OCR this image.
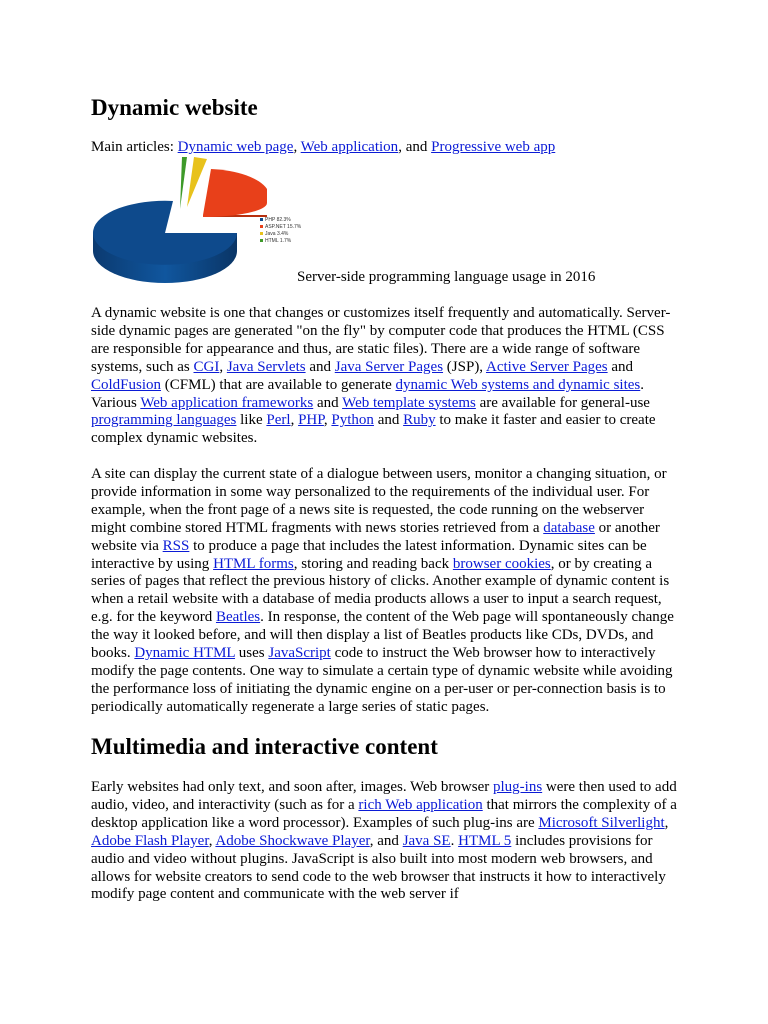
Dynamic website

Main articles: Dynamic web page, Web application, and Progressive web app

PHP 82.3%
ASP.NET 15.7%
Java 3.4%
HTML 1.7%
Server-side programming language usage in 2016

A dynamic website is one that changes or customizes itself frequently and automatically. Server-side dynamic pages are generated "on the fly" by computer code that produces the HTML (CSS are responsible for appearance and thus, are static files). There are a wide range of software systems, such as CGI, Java Servlets and Java Server Pages (JSP), Active Server Pages and ColdFusion (CFML) that are available to generate dynamic Web systems and dynamic sites. Various Web application frameworks and Web template systems are available for general-use programming languages like Perl, PHP, Python and Ruby to make it faster and easier to create complex dynamic websites.

A site can display the current state of a dialogue between users, monitor a changing situation, or provide information in some way personalized to the requirements of the individual user. For example, when the front page of a news site is requested, the code running on the webserver might combine stored HTML fragments with news stories retrieved from a database or another website via RSS to produce a page that includes the latest information. Dynamic sites can be interactive by using HTML forms, storing and reading back browser cookies, or by creating a series of pages that reflect the previous history of clicks. Another example of dynamic content is when a retail website with a database of media products allows a user to input a search request, e.g. for the keyword Beatles. In response, the content of the Web page will spontaneously change the way it looked before, and will then display a list of Beatles products like CDs, DVDs, and books. Dynamic HTML uses JavaScript code to instruct the Web browser how to interactively modify the page contents. One way to simulate a certain type of dynamic website while avoiding the performance loss of initiating the dynamic engine on a per-user or per-connection basis is to periodically automatically regenerate a large series of static pages.

Multimedia and interactive content

Early websites had only text, and soon after, images. Web browser plug-ins were then used to add audio, video, and interactivity (such as for a rich Web application that mirrors the complexity of a desktop application like a word processor). Examples of such plug-ins are Microsoft Silverlight, Adobe Flash Player, Adobe Shockwave Player, and Java SE. HTML 5 includes provisions for audio and video without plugins. JavaScript is also built into most modern web browsers, and allows for website creators to send code to the web browser that instructs it how to interactively modify page content and communicate with the web server if
